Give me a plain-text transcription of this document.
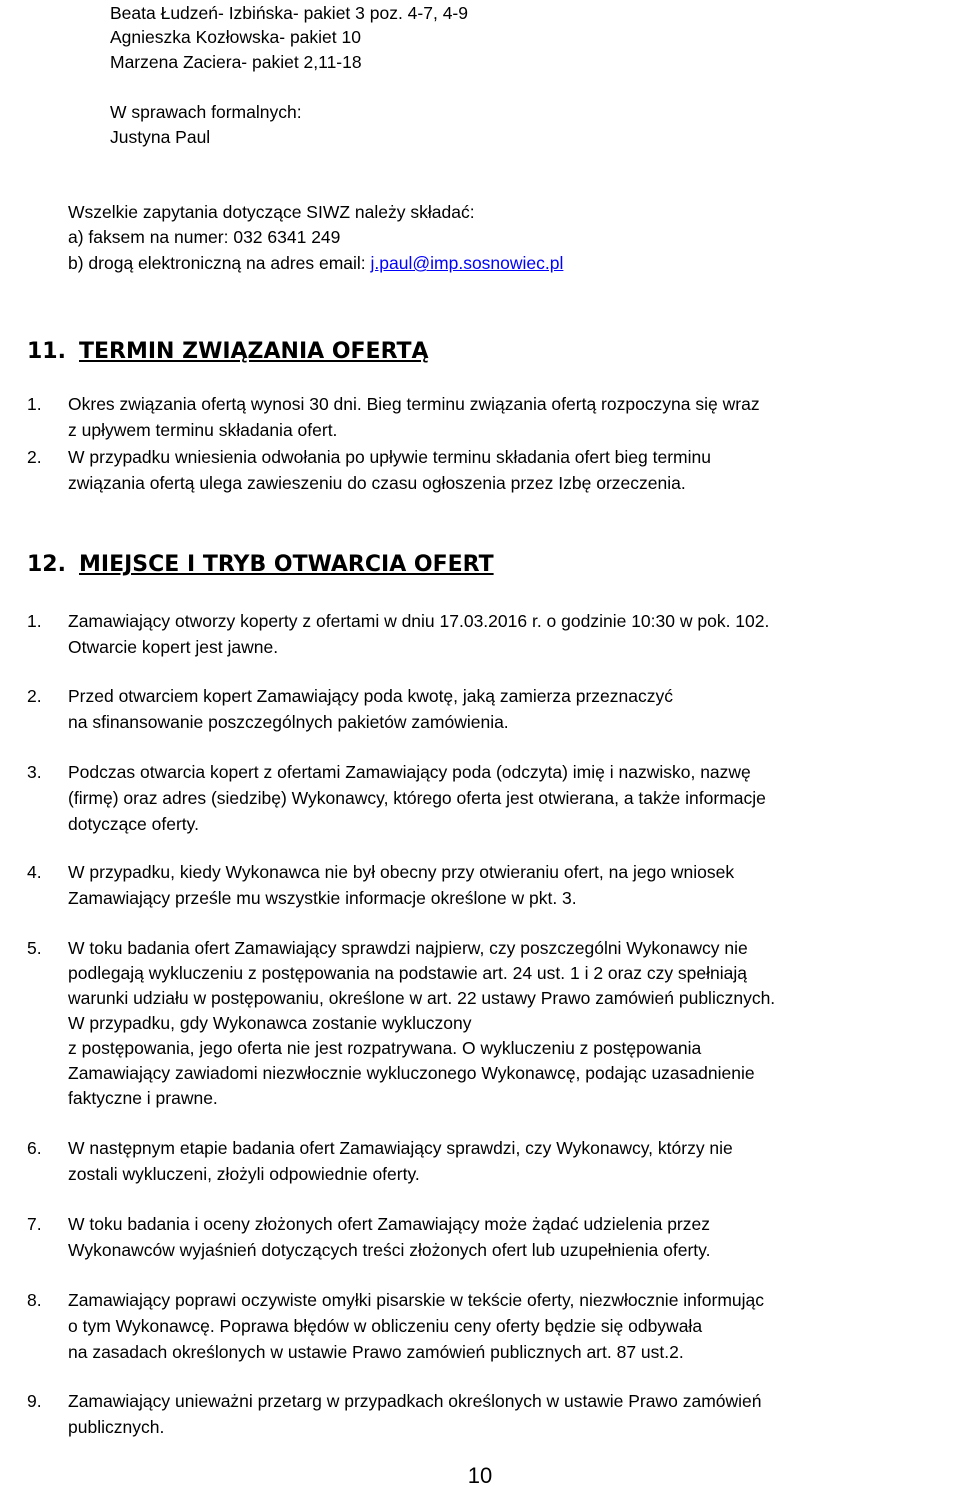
Beata Łudzeń- Izbińska- pakiet 3 poz. 4-7, 4-9
Agnieszka Kozłowska- pakiet 10
Marzena Zaciera- pakiet 2,11-18
W sprawach formalnych:
Justyna Paul
Wszelkie zapytania dotyczące SIWZ należy składać:
a) faksem na numer: 032 6341 249
b) drogą elektroniczną na adres email: j.paul@imp.sosnowiec.pl
11. TERMIN ZWIĄZANIA OFERTĄ
1. Okres związania ofertą wynosi 30 dni. Bieg terminu związania ofertą rozpoczyna się wraz
z upływem terminu składania ofert.
2. W przypadku wniesienia odwołania po upływie terminu składania ofert bieg terminu
związania ofertą ulega zawieszeniu do czasu ogłoszenia przez Izbę orzeczenia.
12. MIEJSCE I TRYB OTWARCIA OFERT
1. Zamawiający otworzy koperty z ofertami w dniu 17.03.2016 r. o godzinie 10:30 w pok. 102.
Otwarcie kopert jest jawne.
2. Przed otwarciem kopert Zamawiający poda kwotę, jaką zamierza przeznaczyć
na sfinansowanie poszczególnych pakietów zamówienia.
3. Podczas otwarcia kopert z ofertami Zamawiający poda (odczyta) imię i nazwisko, nazwę
(firmę) oraz adres (siedzibę) Wykonawcy, którego oferta jest otwierana, a także informacje
dotyczące oferty.
4. W przypadku, kiedy Wykonawca nie był obecny przy otwieraniu ofert, na jego wniosek
Zamawiający prześle mu wszystkie informacje określone w pkt. 3.
5. W toku badania ofert Zamawiający sprawdzi najpierw, czy poszczególni Wykonawcy nie
podlegają wykluczeniu z postępowania na podstawie art. 24 ust. 1 i 2 oraz czy spełniają
warunki udziału w postępowaniu, określone w art. 22 ustawy Prawo zamówień publicznych.
W przypadku, gdy Wykonawca zostanie wykluczony
z postępowania, jego oferta nie jest rozpatrywana. O wykluczeniu z postępowania
Zamawiający zawiadomi niezwłocznie wykluczonego Wykonawcę, podając uzasadnienie
faktyczne i prawne.
6. W następnym etapie badania ofert Zamawiający sprawdzi, czy Wykonawcy, którzy nie
zostali wykluczeni, złożyli odpowiednie oferty.
7. W toku badania i oceny złożonych ofert Zamawiający może żądać udzielenia przez
Wykonawców wyjaśnień dotyczących treści złożonych ofert lub uzupełnienia oferty.
8. Zamawiający poprawi oczywiste omyłki pisarskie w tekście oferty, niezwłocznie informując
o tym Wykonawcę. Poprawa błędów w obliczeniu ceny oferty będzie się odbywała
na zasadach określonych w ustawie Prawo zamówień publicznych art. 87 ust.2.
9. Zamawiający unieważni przetarg w przypadkach określonych w ustawie Prawo zamówień
publicznych.
10
